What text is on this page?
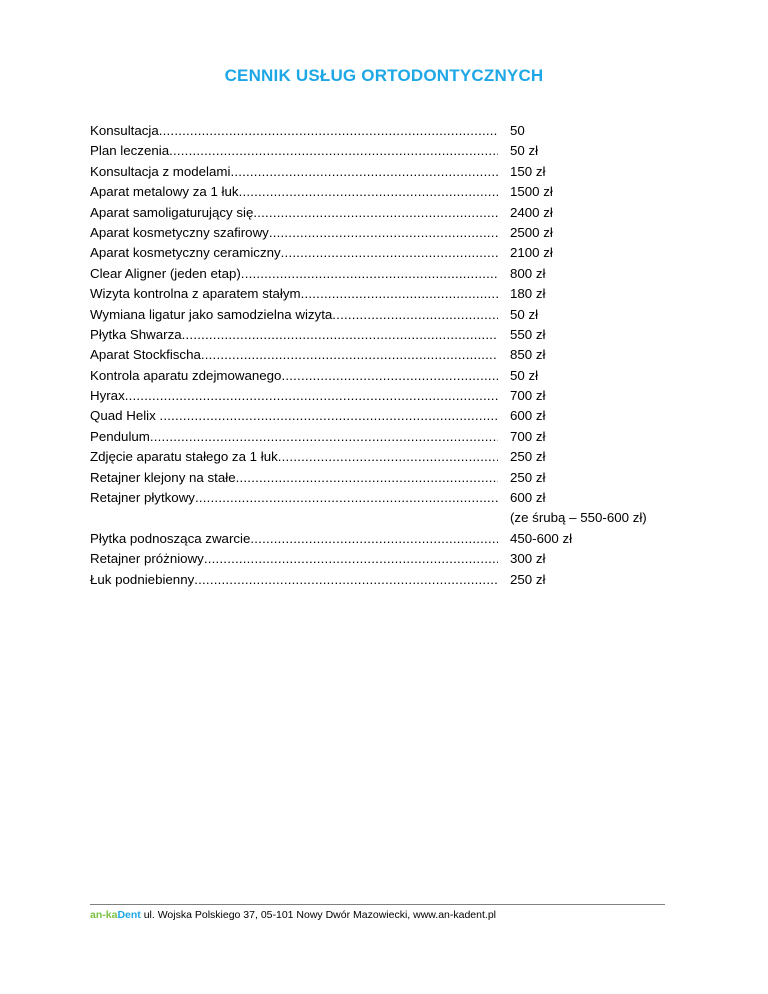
CENNIK USŁUG ORTODONTYCZNYCH
Konsultacja .....	50
Plan leczenia .....	50 zł
Konsultacja z modelami .....	150 zł
Aparat metalowy za 1 łuk .....	1500 zł
Aparat samoligaturujący się .....	2400 zł
Aparat kosmetyczny szafirowy .....	2500 zł
Aparat kosmetyczny ceramiczny .....	2100 zł
Clear Aligner (jeden etap) .....	800 zł
Wizyta kontrolna z aparatem stałym .....	180 zł
Wymiana ligatur jako samodzielna wizyta .....	50 zł
Płytka Shwarza .....	550 zł
Aparat Stockfischa .....	850 zł
Kontrola aparatu zdejmowanego .....	50 zł
Hyrax .....	700 zł
Quad Helix .....	600 zł
Pendulum .....	700 zł
Zdjęcie aparatu stałego za 1 łuk .....	250 zł
Retajner klejony na stałe .....	250 zł
Retajner płytkowy .....	600 zł
(ze śrubą – 550-600 zł)
Płytka podnosząca zwarcie .....	450-600 zł
Retajner próżniowy .....	300 zł
Łuk podniebienny .....	250 zł
an-kaDent ul. Wojska Polskiego 37, 05-101 Nowy Dwór Mazowiecki, www.an-kadent.pl
